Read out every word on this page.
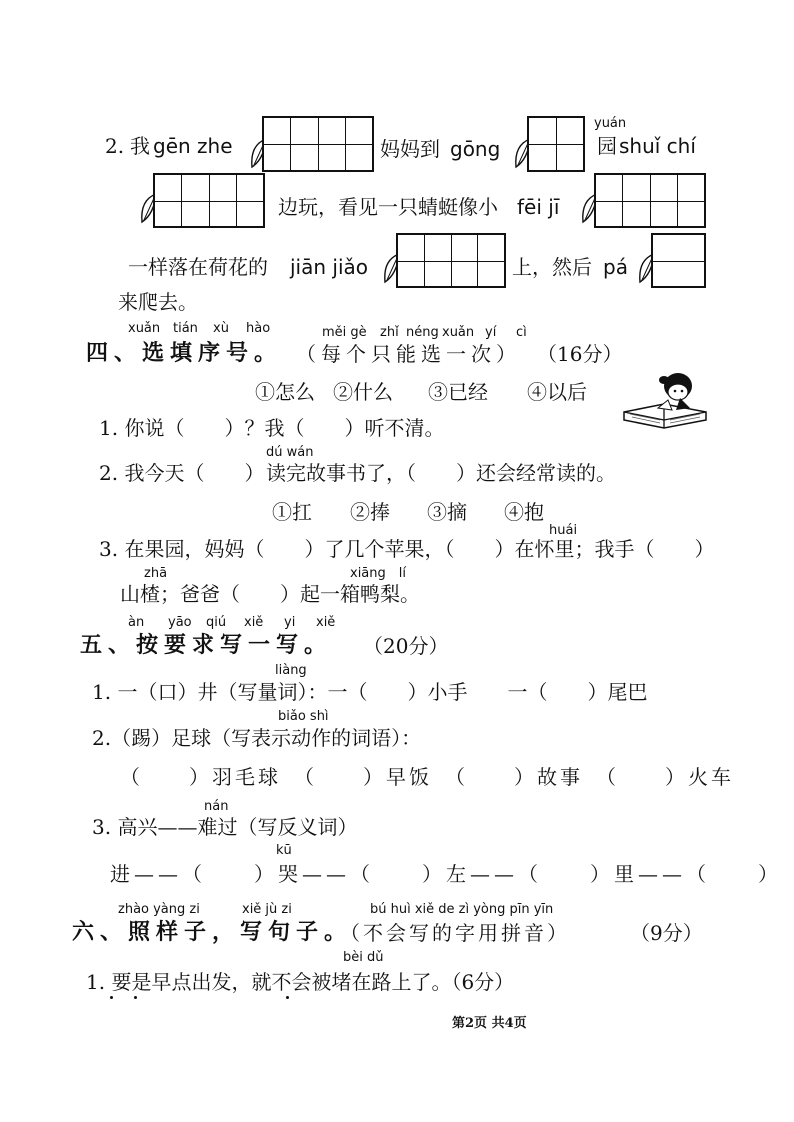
2. 我 gēn zhe	妈妈到 gōng
yuán
园 shuǐ chí
边玩，看见一只蜻蜓像小 fēi jī
一样落在荷花的 jiān jiǎo	上，然后 pá
来爬去。
xuǎn tián xù hào	měi gè zhǐ néng xuǎn yí cì
四、选填序号。 （每个只能选一次） （16分）
①怎么 ②什么 ③已经 ④以后
1. 你说（　　）？我（　　）听不清。
dú wán
2. 我今天（　　） 读完故事书了，（　　）还会经常读的。
①扛 ②捧 ③摘 ④抱
huái
3. 在果园，妈妈（　　）了几个苹果，（　　）在怀里；我手（　　）
zhā	xiāng　lí
山楂；爸爸（　　）起一箱鸭梨。
àn yāo qiú xiě yi xiě
五、按要求写一写。 （20分）
liàng
1. 一（口）井（写量词）：一（　　）小手　　一（　　）尾巴
biǎo shì
2.（踢）足球（写表示动作的词语）：
（　　）羽毛球　（　　）早饭　（　　）故事　（　　）火车
nán
3. 高兴——难过（写反义词）
kū
进——（　　）哭——（　　）左——（　　）里——（　　）
zhào yàng zi	xiě jù zi	bú huì xiě de zì yòng pīn yīn
六、照样子，写句子。
（不会写的字用拼音）	（9分）
bèi dǔ
1. 要是早点出发，就不会被堵在路上了。（6分）
第2页 共4页
